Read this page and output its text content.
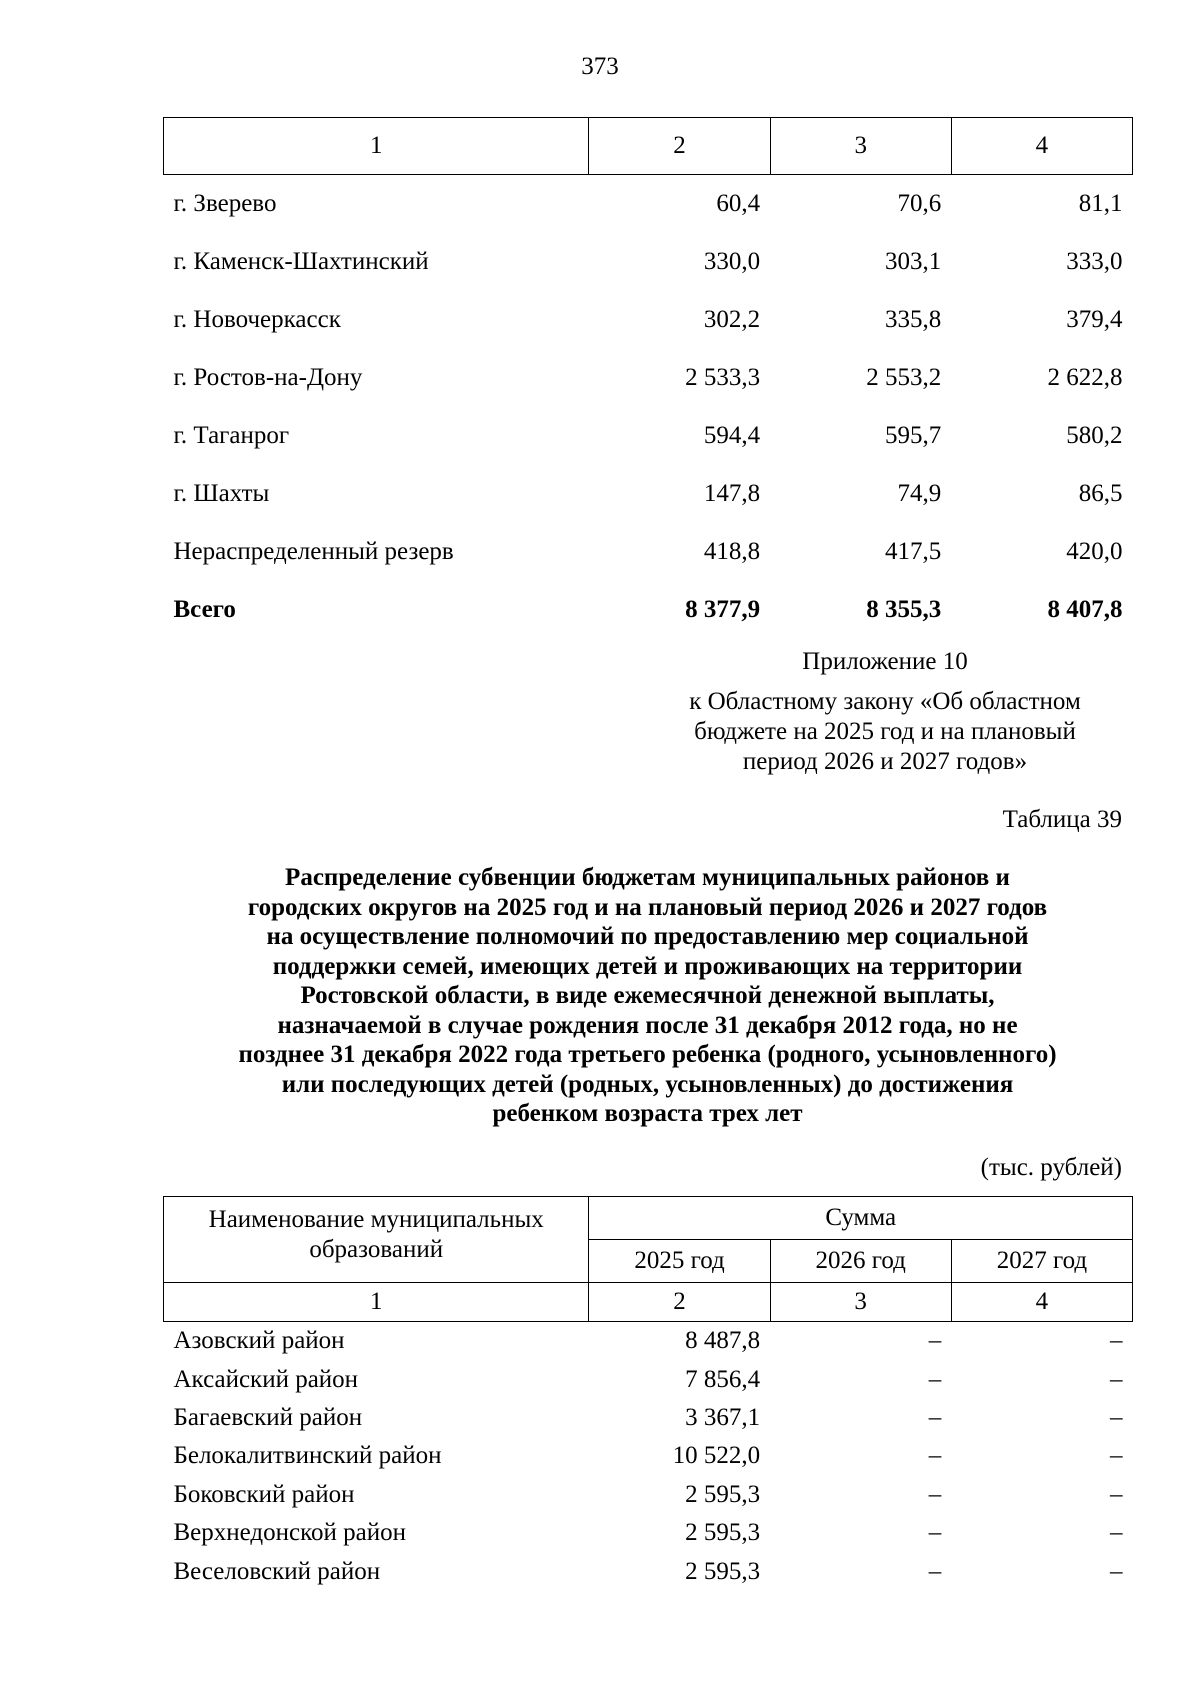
373
1	2	3	4
г. Зверево	60,4	70,6	81,1
г. Каменск-Шахтинский	330,0	303,1	333,0
г. Новочеркасск	302,2	335,8	379,4
г. Ростов-на-Дону	2 533,3	2 553,2	2 622,8
г. Таганрог	594,4	595,7	580,2
г. Шахты	147,8	74,9	86,5
Нераспределенный резерв	418,8	417,5	420,0
Всего	8 377,9	8 355,3	8 407,8
Приложение 10
к Областному закону «Об областном
бюджете на 2025 год и на плановый
период 2026 и 2027 годов»
Таблица 39
Распределение субвенции бюджетам муниципальных районов и
городских округов на 2025 год и на плановый период 2026 и 2027 годов
на осуществление полномочий по предоставлению мер социальной
поддержки семей, имеющих детей и проживающих на территории
Ростовской области, в виде ежемесячной денежной выплаты,
назначаемой в случае рождения после 31 декабря 2012 года, но не
позднее 31 декабря 2022 года третьего ребенка (родного, усыновленного)
или последующих детей (родных, усыновленных) до достижения
ребенком возраста трех лет
(тыс. рублей)
Наименование муниципальных
образований	Сумма		
	2025 год	2026 год	2027 год
1	2	3	4
Азовский район	8 487,8	–	–
Аксайский район	7 856,4	–	–
Багаевский район	3 367,1	–	–
Белокалитвинский район	10 522,0	–	–
Боковский район	2 595,3	–	–
Верхнедонской район	2 595,3	–	–
Веселовский район	2 595,3	–	–
